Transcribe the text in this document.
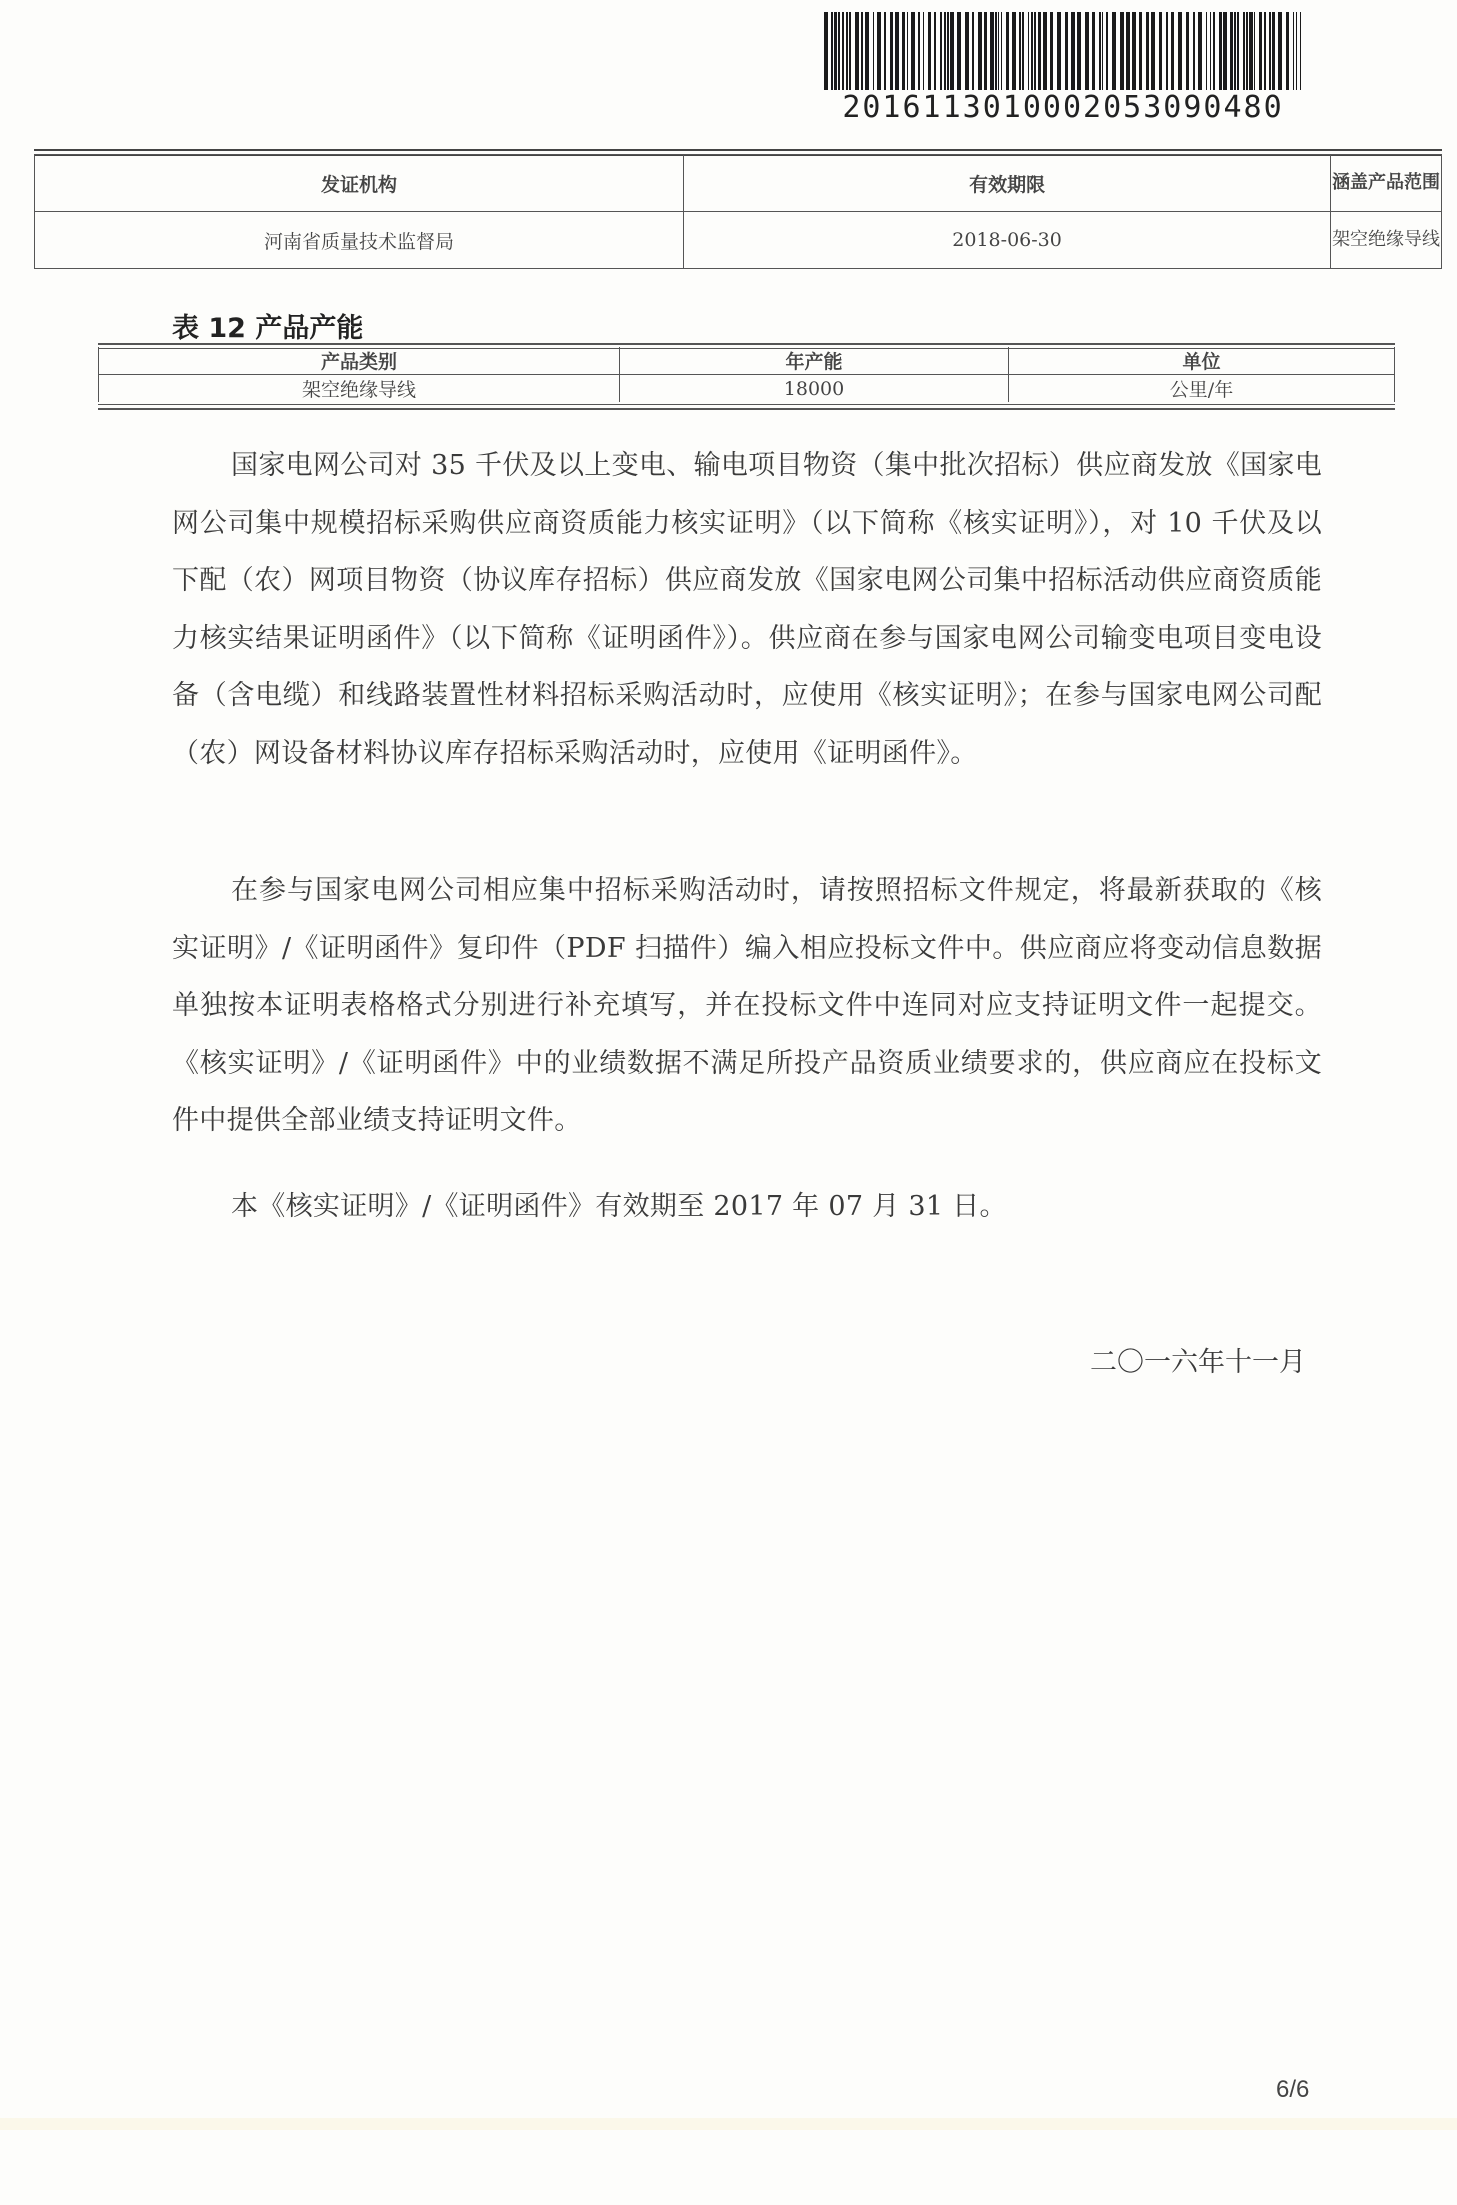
2016113010002053090480
发证机构	有效期限	涵盖产品范围
河南省质量技术监督局	2018-06-30	架空绝缘导线
表 12 产品产能
产品类别	年产能	单位
架空绝缘导线	18000	公里/年

国家电网公司对 35 千伏及以上变电、输电项目物资（集中批次招标）供应商发放《国家电网公司集中规模招标采购供应商资质能力核实证明》（以下简称《核实证明》），对 10 千伏及以下配（农）网项目物资（协议库存招标）供应商发放《国家电网公司集中招标活动供应商资质能力核实结果证明函件》（以下简称《证明函件》）。供应商在参与国家电网公司输变电项目变电设备（含电缆）和线路装置性材料招标采购活动时，应使用《核实证明》；在参与国家电网公司配（农）网设备材料协议库存招标采购活动时，应使用《证明函件》。

在参与国家电网公司相应集中招标采购活动时，请按照招标文件规定，将最新获取的《核实证明》/《证明函件》复印件（PDF 扫描件）编入相应投标文件中。供应商应将变动信息数据单独按本证明表格格式分别进行补充填写，并在投标文件中连同对应支持证明文件一起提交。《核实证明》/《证明函件》中的业绩数据不满足所投产品资质业绩要求的，供应商应在投标文件中提供全部业绩支持证明文件。

本《核实证明》/《证明函件》有效期至 2017 年 07 月 31 日。

二〇一六年十一月
6/6
